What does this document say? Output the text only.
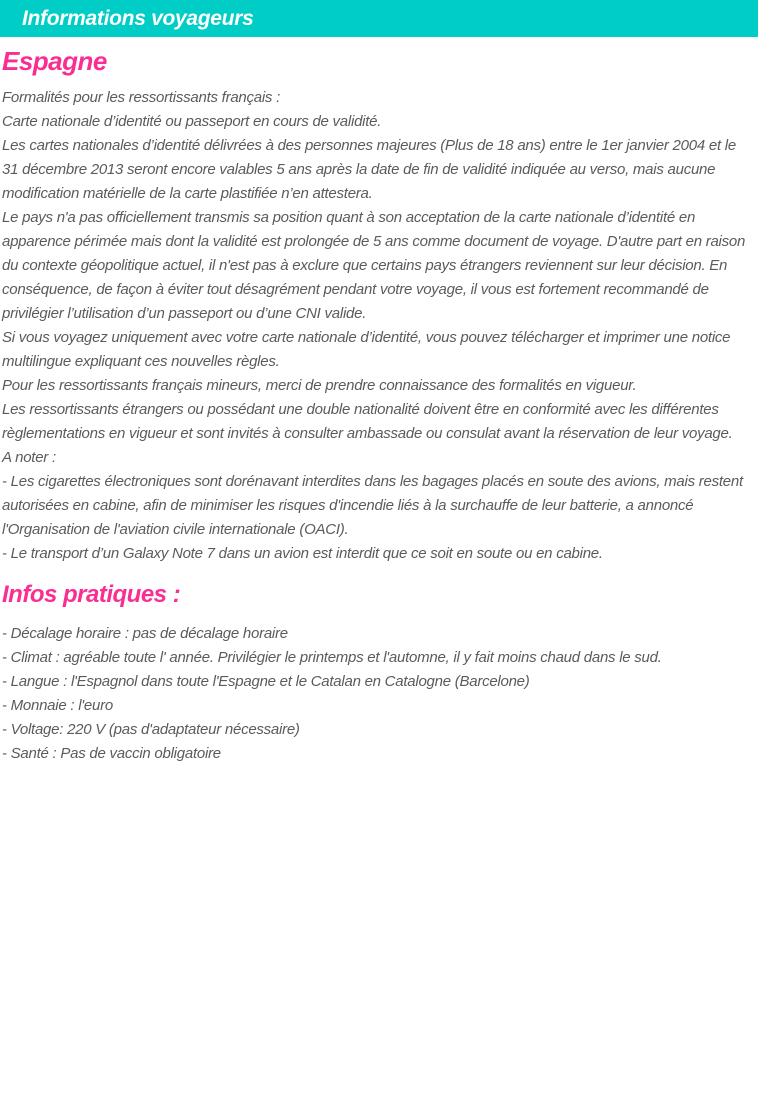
Informations voyageurs
Espagne

Formalités pour les ressortissants français :

Carte nationale d’identité ou passeport en cours de validité.

Les cartes nationales d’identité délivrées à des personnes majeures (Plus de 18 ans) entre le 1er janvier 2004 et le 31 décembre 2013 seront encore valables 5 ans après la date de fin de validité indiquée au verso, mais aucune modification matérielle de la carte plastifiée n’en attestera.

Le pays n'a pas officiellement transmis sa position quant à son acceptation de la carte nationale d’identité en apparence périmée mais dont la validité est prolongée de 5 ans comme document de voyage. D'autre part en raison du contexte géopolitique actuel, il n'est pas à exclure que certains pays étrangers reviennent sur leur décision. En conséquence, de façon à éviter tout désagrément pendant votre voyage, il vous est fortement recommandé de privilégier l’utilisation d’un passeport ou d’une CNI valide.

Si vous voyagez uniquement avec votre carte nationale d’identité, vous pouvez télécharger et imprimer une notice multilingue expliquant ces nouvelles règles.

Pour les ressortissants français mineurs, merci de prendre connaissance des formalités en vigueur.

Les ressortissants étrangers ou possédant une double nationalité doivent être en conformité avec les différentes règlementations en vigueur et sont invités à consulter ambassade ou consulat avant la réservation de leur voyage.

A noter :

- Les cigarettes électroniques sont dorénavant interdites dans les bagages placés en soute des avions, mais restent autorisées en cabine, afin de minimiser les risques d'incendie liés à la surchauffe de leur batterie, a annoncé l'Organisation de l'aviation civile internationale (OACI).

- Le transport d’un Galaxy Note 7 dans un avion est interdit que ce soit en soute ou en cabine.

Infos pratiques :

- Décalage horaire : pas de décalage horaire

- Climat : agréable toute l' année. Privilégier le printemps et l'automne, il y fait moins chaud dans le sud.

- Langue : l'Espagnol dans toute l'Espagne et le Catalan en Catalogne (Barcelone)

- Monnaie : l'euro

- Voltage: 220 V (pas d'adaptateur nécessaire)

- Santé : Pas de vaccin obligatoire
